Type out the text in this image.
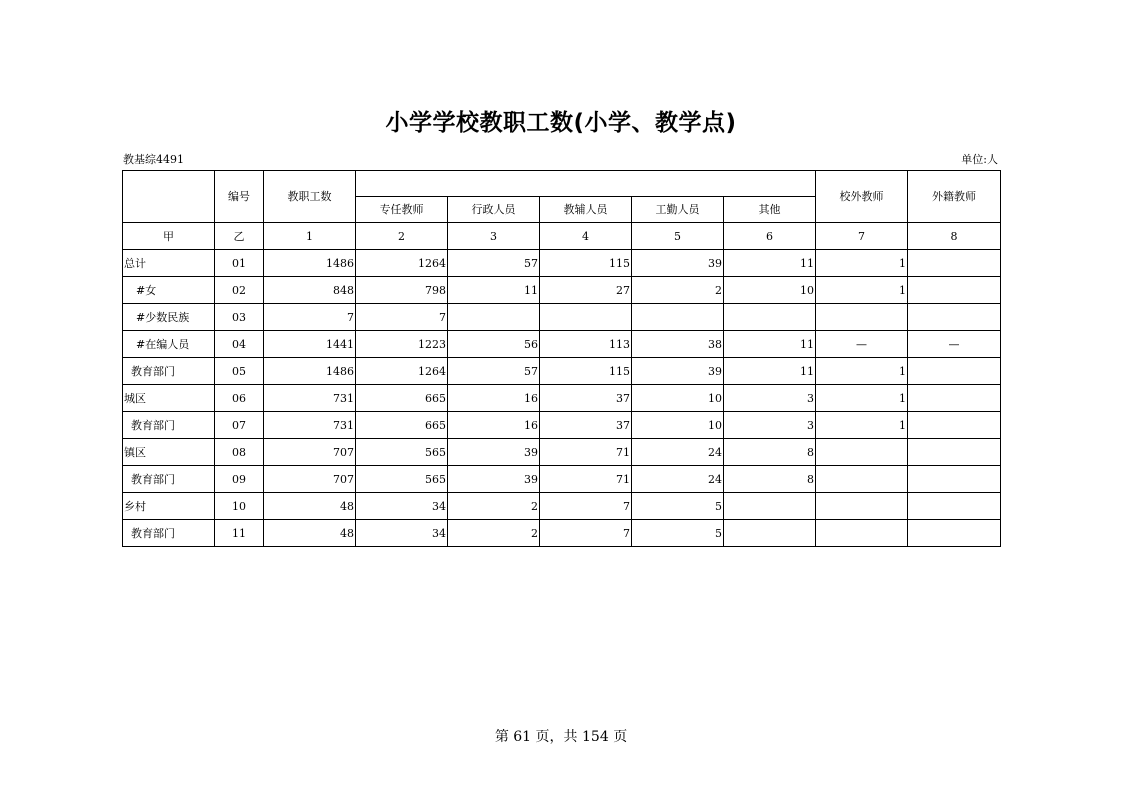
小学学校教职工数(小学、教学点)
教基综4491	单位:人
	编号	教职工数						校外教师	外籍教师
			专任教师	行政人员	教辅人员	工勤人员	其他		
甲	乙	1	2	3	4	5	6	7	8
总计	01	1486	1264	57	115	39	11	1	
#女	02	848	798	11	27	2	10	1	
#少数民族	03	7	7						
#在编人员	04	1441	1223	56	113	38	11	—	—
教育部门	05	1486	1264	57	115	39	11	1	
城区	06	731	665	16	37	10	3	1	
教育部门	07	731	665	16	37	10	3	1	
镇区	08	707	565	39	71	24	8		
教育部门	09	707	565	39	71	24	8		
乡村	10	48	34	2	7	5			
教育部门	11	48	34	2	7	5			
第 61 页，共 154 页
